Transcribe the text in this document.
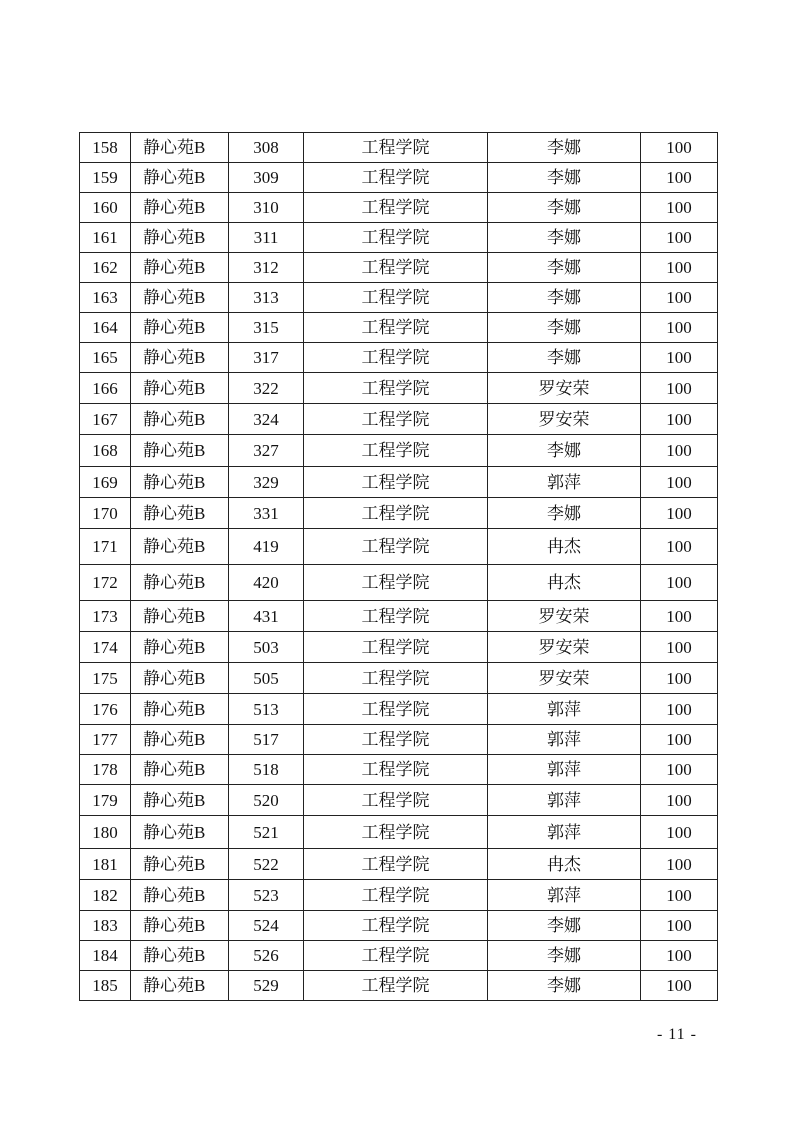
158	静心苑B	308	工程学院	李娜	100
159	静心苑B	309	工程学院	李娜	100
160	静心苑B	310	工程学院	李娜	100
161	静心苑B	311	工程学院	李娜	100
162	静心苑B	312	工程学院	李娜	100
163	静心苑B	313	工程学院	李娜	100
164	静心苑B	315	工程学院	李娜	100
165	静心苑B	317	工程学院	李娜	100
166	静心苑B	322	工程学院	罗安荣	100
167	静心苑B	324	工程学院	罗安荣	100
168	静心苑B	327	工程学院	李娜	100
169	静心苑B	329	工程学院	郭萍	100
170	静心苑B	331	工程学院	李娜	100
171	静心苑B	419	工程学院	冉杰	100
172	静心苑B	420	工程学院	冉杰	100
173	静心苑B	431	工程学院	罗安荣	100
174	静心苑B	503	工程学院	罗安荣	100
175	静心苑B	505	工程学院	罗安荣	100
176	静心苑B	513	工程学院	郭萍	100
177	静心苑B	517	工程学院	郭萍	100
178	静心苑B	518	工程学院	郭萍	100
179	静心苑B	520	工程学院	郭萍	100
180	静心苑B	521	工程学院	郭萍	100
181	静心苑B	522	工程学院	冉杰	100
182	静心苑B	523	工程学院	郭萍	100
183	静心苑B	524	工程学院	李娜	100
184	静心苑B	526	工程学院	李娜	100
185	静心苑B	529	工程学院	李娜	100
- 11 -
